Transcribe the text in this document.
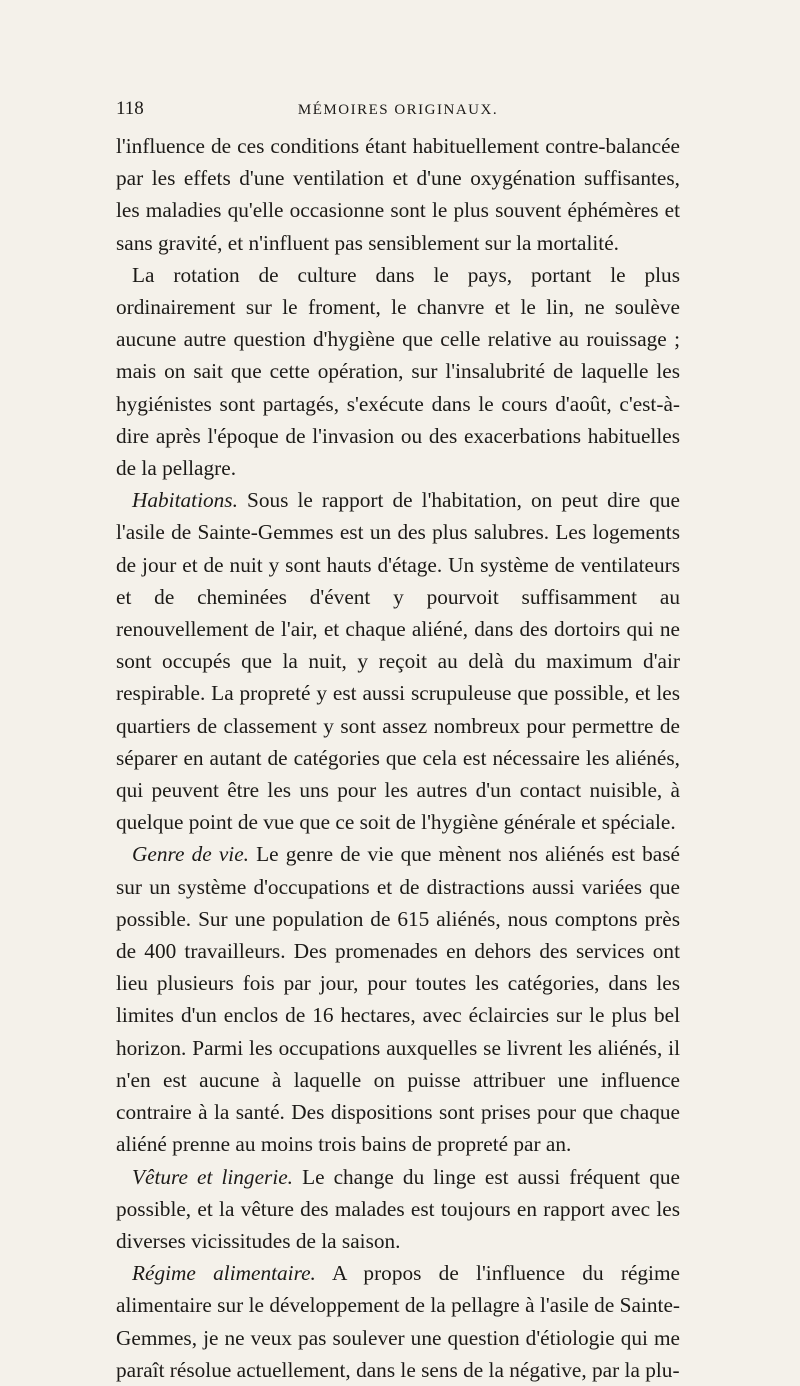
118	MÉMOIRES ORIGINAUX.

l'influence de ces conditions étant habituellement contre-balancée par les effets d'une ventilation et d'une oxygénation suffisantes, les maladies qu'elle occasionne sont le plus souvent éphémères et sans gravité, et n'influent pas sensiblement sur la mortalité.

La rotation de culture dans le pays, portant le plus ordinairement sur le froment, le chanvre et le lin, ne soulève aucune autre question d'hygiène que celle relative au rouissage ; mais on sait que cette opération, sur l'insalubrité de laquelle les hygiénistes sont partagés, s'exécute dans le cours d'août, c'est-à-dire après l'époque de l'invasion ou des exacerbations habituelles de la pellagre.

Habitations. Sous le rapport de l'habitation, on peut dire que l'asile de Sainte-Gemmes est un des plus salubres. Les logements de jour et de nuit y sont hauts d'étage. Un système de ventilateurs et de cheminées d'évent y pourvoit suffisamment au renouvellement de l'air, et chaque aliéné, dans des dortoirs qui ne sont occupés que la nuit, y reçoit au delà du maximum d'air respirable. La propreté y est aussi scrupuleuse que possible, et les quartiers de classement y sont assez nombreux pour permettre de séparer en autant de catégories que cela est nécessaire les aliénés, qui peuvent être les uns pour les autres d'un contact nuisible, à quelque point de vue que ce soit de l'hygiène générale et spéciale.

Genre de vie. Le genre de vie que mènent nos aliénés est basé sur un système d'occupations et de distractions aussi variées que possible. Sur une population de 615 aliénés, nous comptons près de 400 travailleurs. Des promenades en dehors des services ont lieu plusieurs fois par jour, pour toutes les catégories, dans les limites d'un enclos de 16 hectares, avec éclaircies sur le plus bel horizon. Parmi les occupations auxquelles se livrent les aliénés, il n'en est aucune à laquelle on puisse attribuer une influence contraire à la santé. Des dispositions sont prises pour que chaque aliéné prenne au moins trois bains de propreté par an.

Vêture et lingerie. Le change du linge est aussi fréquent que possible, et la vêture des malades est toujours en rapport avec les diverses vicissitudes de la saison.

Régime alimentaire. A propos de l'influence du régime alimentaire sur le développement de la pellagre à l'asile de Sainte-Gemmes, je ne veux pas soulever une question d'étiologie qui me paraît résolue actuellement, dans le sens de la négative, par la plu-
